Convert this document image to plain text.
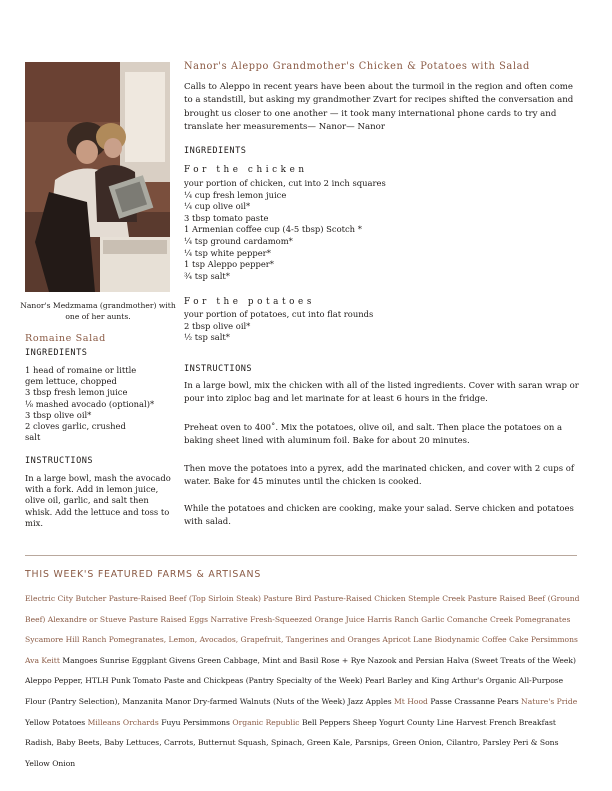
Nanor's Medzmama (grandmother) with one of her aunts.
Romaine Salad
INGREDIENTS
1 head of romaine or little
gem lettuce, chopped
3 tbsp fresh lemon juice
⅛ mashed avocado (optional)*
3 tbsp olive oil*
2 cloves garlic, crushed
salt
INSTRUCTIONS
In a large bowl, mash the avocado with a fork. Add in lemon juice, olive oil, garlic, and salt then whisk. Add the lettuce and toss to mix.
Nanor's Aleppo Grandmother's Chicken & Potatoes with Salad
Calls to Aleppo in recent years have been about the turmoil in the region and often come to a standstill, but asking my grandmother Zvart for recipes shifted the conversation and brought us closer to one another — it took many international phone cards to try and translate her measurements— Nanor— Nanor
INGREDIENTS
For the chicken
your portion of chicken, cut into 2 inch squares
¼ cup fresh lemon juice
¼ cup olive oil*
3 tbsp tomato paste
1 Armenian coffee cup (4-5 tbsp) Scotch *
¼ tsp ground cardamom*
¼ tsp white pepper*
1 tsp Aleppo pepper*
¾ tsp salt*
For the potatoes
your portion of potatoes, cut into flat rounds
2 tbsp olive oil*
½ tsp salt*
INSTRUCTIONS
In a large bowl, mix the chicken with all of the listed ingredients. Cover with saran wrap or pour into ziploc bag and let marinate for at least 6 hours in the fridge.
Preheat oven to 400˚. Mix the potatoes, olive oil, and salt. Then place the potatoes on a baking sheet lined with aluminum foil. Bake for about 20 minutes.
Then move the potatoes into a pyrex, add the marinated chicken, and cover with 2 cups of water. Bake for 45 minutes until the chicken is cooked.
While the potatoes and chicken are cooking, make your salad. Serve chicken and potatoes with salad.
THIS WEEK'S FEATURED FARMS & ARTISANS
Electric City Butcher Pasture-Raised Beef (Top Sirloin Steak) Pasture Bird Pasture-Raised Chicken Stemple Creek Pasture Raised Beef (Ground Beef) Alexandre or Stueve Pasture Raised Eggs Narrative Fresh-Squeezed Orange Juice Harris Ranch Garlic Comanche Creek Pomegranates Sycamore Hill Ranch Pomegranates, Lemon, Avocados, Grapefruit, Tangerines and Oranges Apricot Lane Biodynamic Coffee Cake Persimmons Ava Keitt Mangoes Sunrise Eggplant Givens Green Cabbage, Mint and Basil Rose + Rye Nazook and Persian Halva (Sweet Treats of the Week) Aleppo Pepper, HTLH Punk Tomato Paste and Chickpeas (Pantry Specialty of the Week) Pearl Barley and King Arthur's Organic All-Purpose Flour (Pantry Selection), Manzanita Manor Dry-farmed Walnuts (Nuts of the Week) Jazz Apples Mt Hood Passe Crassanne Pears Nature's Pride Yellow Potatoes Milleans Orchards Fuyu Persimmons Organic Republic Bell Peppers Sheep Yogurt County Line Harvest French Breakfast Radish, Baby Beets, Baby Lettuces, Carrots, Butternut Squash, Spinach, Green Kale, Parsnips, Green Onion, Cilantro, Parsley Peri & Sons Yellow Onion
